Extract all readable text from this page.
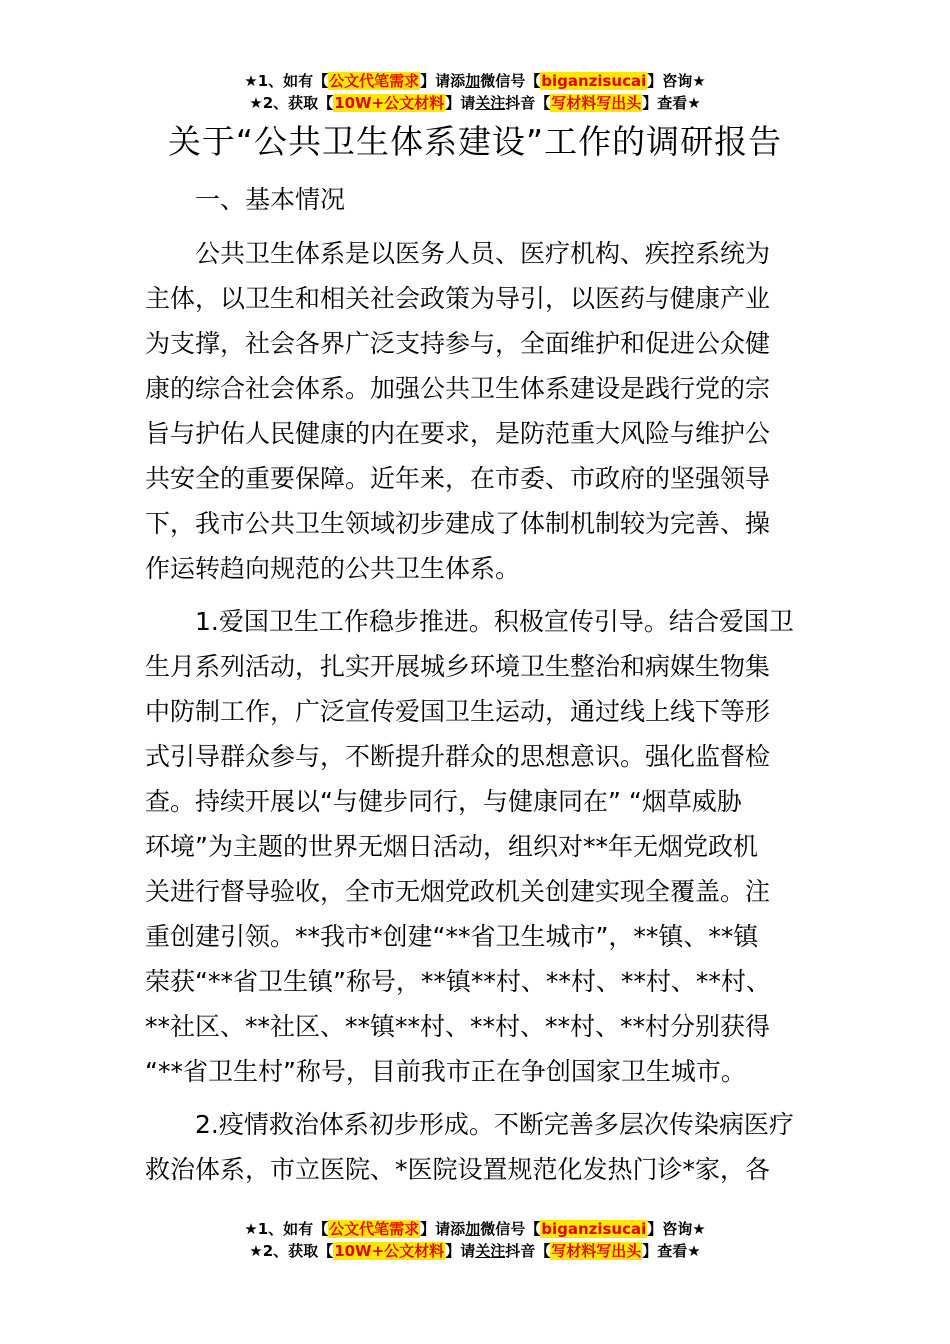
★1、如有【公文代笔需求】请添加微信号【biganzisucai】咨询★
★2、获取【10W+公文材料】请关注抖音【写材料写出头】查看★
关于“公共卫生体系建设”工作的调研报告
一、基本情况
公共卫生体系是以医务人员、医疗机构、疾控系统为
主体，以卫生和相关社会政策为导引，以医药与健康产业
为支撑，社会各界广泛支持参与，全面维护和促进公众健
康的综合社会体系。加强公共卫生体系建设是践行党的宗
旨与护佑人民健康的内在要求，是防范重大风险与维护公
共安全的重要保障。近年来，在市委、市政府的坚强领导
下，我市公共卫生领域初步建成了体制机制较为完善、操
作运转趋向规范的公共卫生体系。
1.爱国卫生工作稳步推进。积极宣传引导。结合爱国卫
生月系列活动，扎实开展城乡环境卫生整治和病媒生物集
中防制工作，广泛宣传爱国卫生运动，通过线上线下等形
式引导群众参与，不断提升群众的思想意识。强化监督检
查。持续开展以“与健步同行，与健康同在” “烟草威胁
环境”为主题的世界无烟日活动，组织对**年无烟党政机
关进行督导验收，全市无烟党政机关创建实现全覆盖。注
重创建引领。**我市*创建“**省卫生城市”，**镇、**镇
荣获“**省卫生镇”称号，**镇**村、**村、**村、**村、
**社区、**社区、**镇**村、**村、**村、**村分别获得
“**省卫生村”称号，目前我市正在争创国家卫生城市。
2.疫情救治体系初步形成。不断完善多层次传染病医疗
救治体系，市立医院、*医院设置规范化发热门诊*家，各
★1、如有【公文代笔需求】请添加微信号【biganzisucai】咨询★
★2、获取【10W+公文材料】请关注抖音【写材料写出头】查看★
